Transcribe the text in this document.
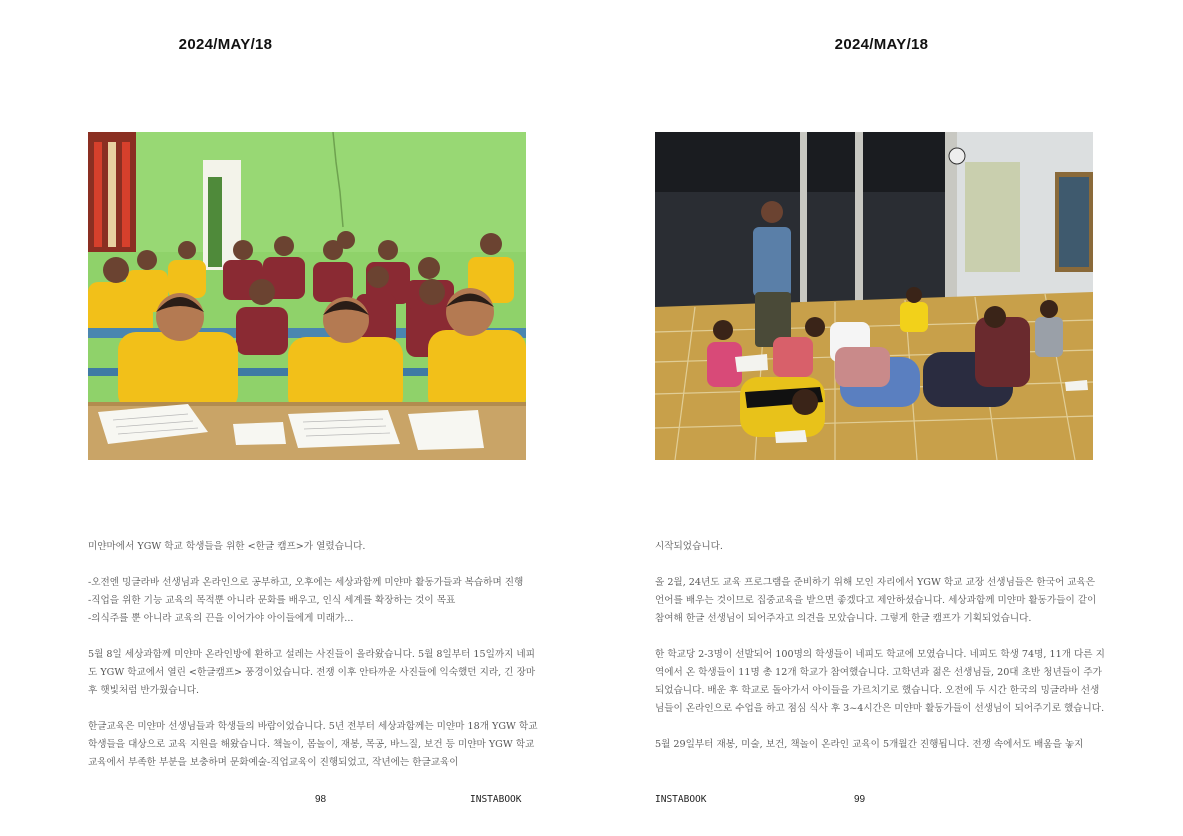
2024/MAY/18

미얀마에서 YGW 학교 학생들을 위한 <한글 캠프>가 열렸습니다.

-오전엔 밍글라바 선생님과 온라인으로 공부하고, 오후에는 세상과함께 미얀마 활동가들과 복습하며 진행
-직업을 위한 기능 교육의 목적뿐 아니라 문화를 배우고, 인식 세계를 확장하는 것이 목표
-의식주를 뿐 아니라 교육의 끈을 이어가야 아이들에게 미래가...

5월 8일 세상과함께 미얀마 온라인방에 환하고 설레는 사진들이 올라왔습니다. 5월 8일부터 15일까지 네피도 YGW 학교에서 열린 <한글캠프> 풍경이었습니다. 전쟁 이후 안타까운 사진들에 익숙했던 지라, 긴 장마 후 햇빛처럼 반가웠습니다.

한글교육은 미얀마 선생님들과 학생들의 바람이었습니다. 5년 전부터 세상과함께는 미얀마 18개 YGW 학교 학생들을 대상으로 교육 지원을 해왔습니다. 책놀이, 몸놀이, 재봉, 목공, 바느질, 보건 등 미얀마 YGW 학교 교육에서 부족한 부분을 보충하며 문화예술-직업교육이 진행되었고, 작년에는 한글교육이

98	INSTABOOK
2024/MAY/18

시작되었습니다.

올 2월, 24년도 교육 프로그램을 준비하기 위해 모인 자리에서 YGW 학교 교장 선생님들은 한국어 교육은 언어를 배우는 것이므로 집중교육을 받으면 좋겠다고 제안하셨습니다. 세상과함께 미얀마 활동가들이 같이 참여해 한글 선생님이 되어주자고 의견을 모았습니다. 그렇게 한글 캠프가 기획되었습니다.

한 학교당 2-3명이 선발되어 100명의 학생들이 네피도 학교에 모였습니다. 네피도 학생 74명, 11개 다른 지역에서 온 학생들이 11명 총 12개 학교가 참여했습니다. 고학년과 젊은 선생님들, 20대 초반 청년들이 주가 되었습니다. 배운 후 학교로 돌아가서 아이들을 가르치기로 했습니다. 오전에 두 시간 한국의 밍글라바 선생님들이 온라인으로 수업을 하고 점심 식사 후 3~4시간은 미얀마 활동가들이 선생님이 되어주기로 했습니다.

5월 29일부터 재봉, 미술, 보건, 책놀이 온라인 교육이 5개월간 진행됩니다. 전쟁 속에서도 배움을 놓지

INSTABOOK	99
